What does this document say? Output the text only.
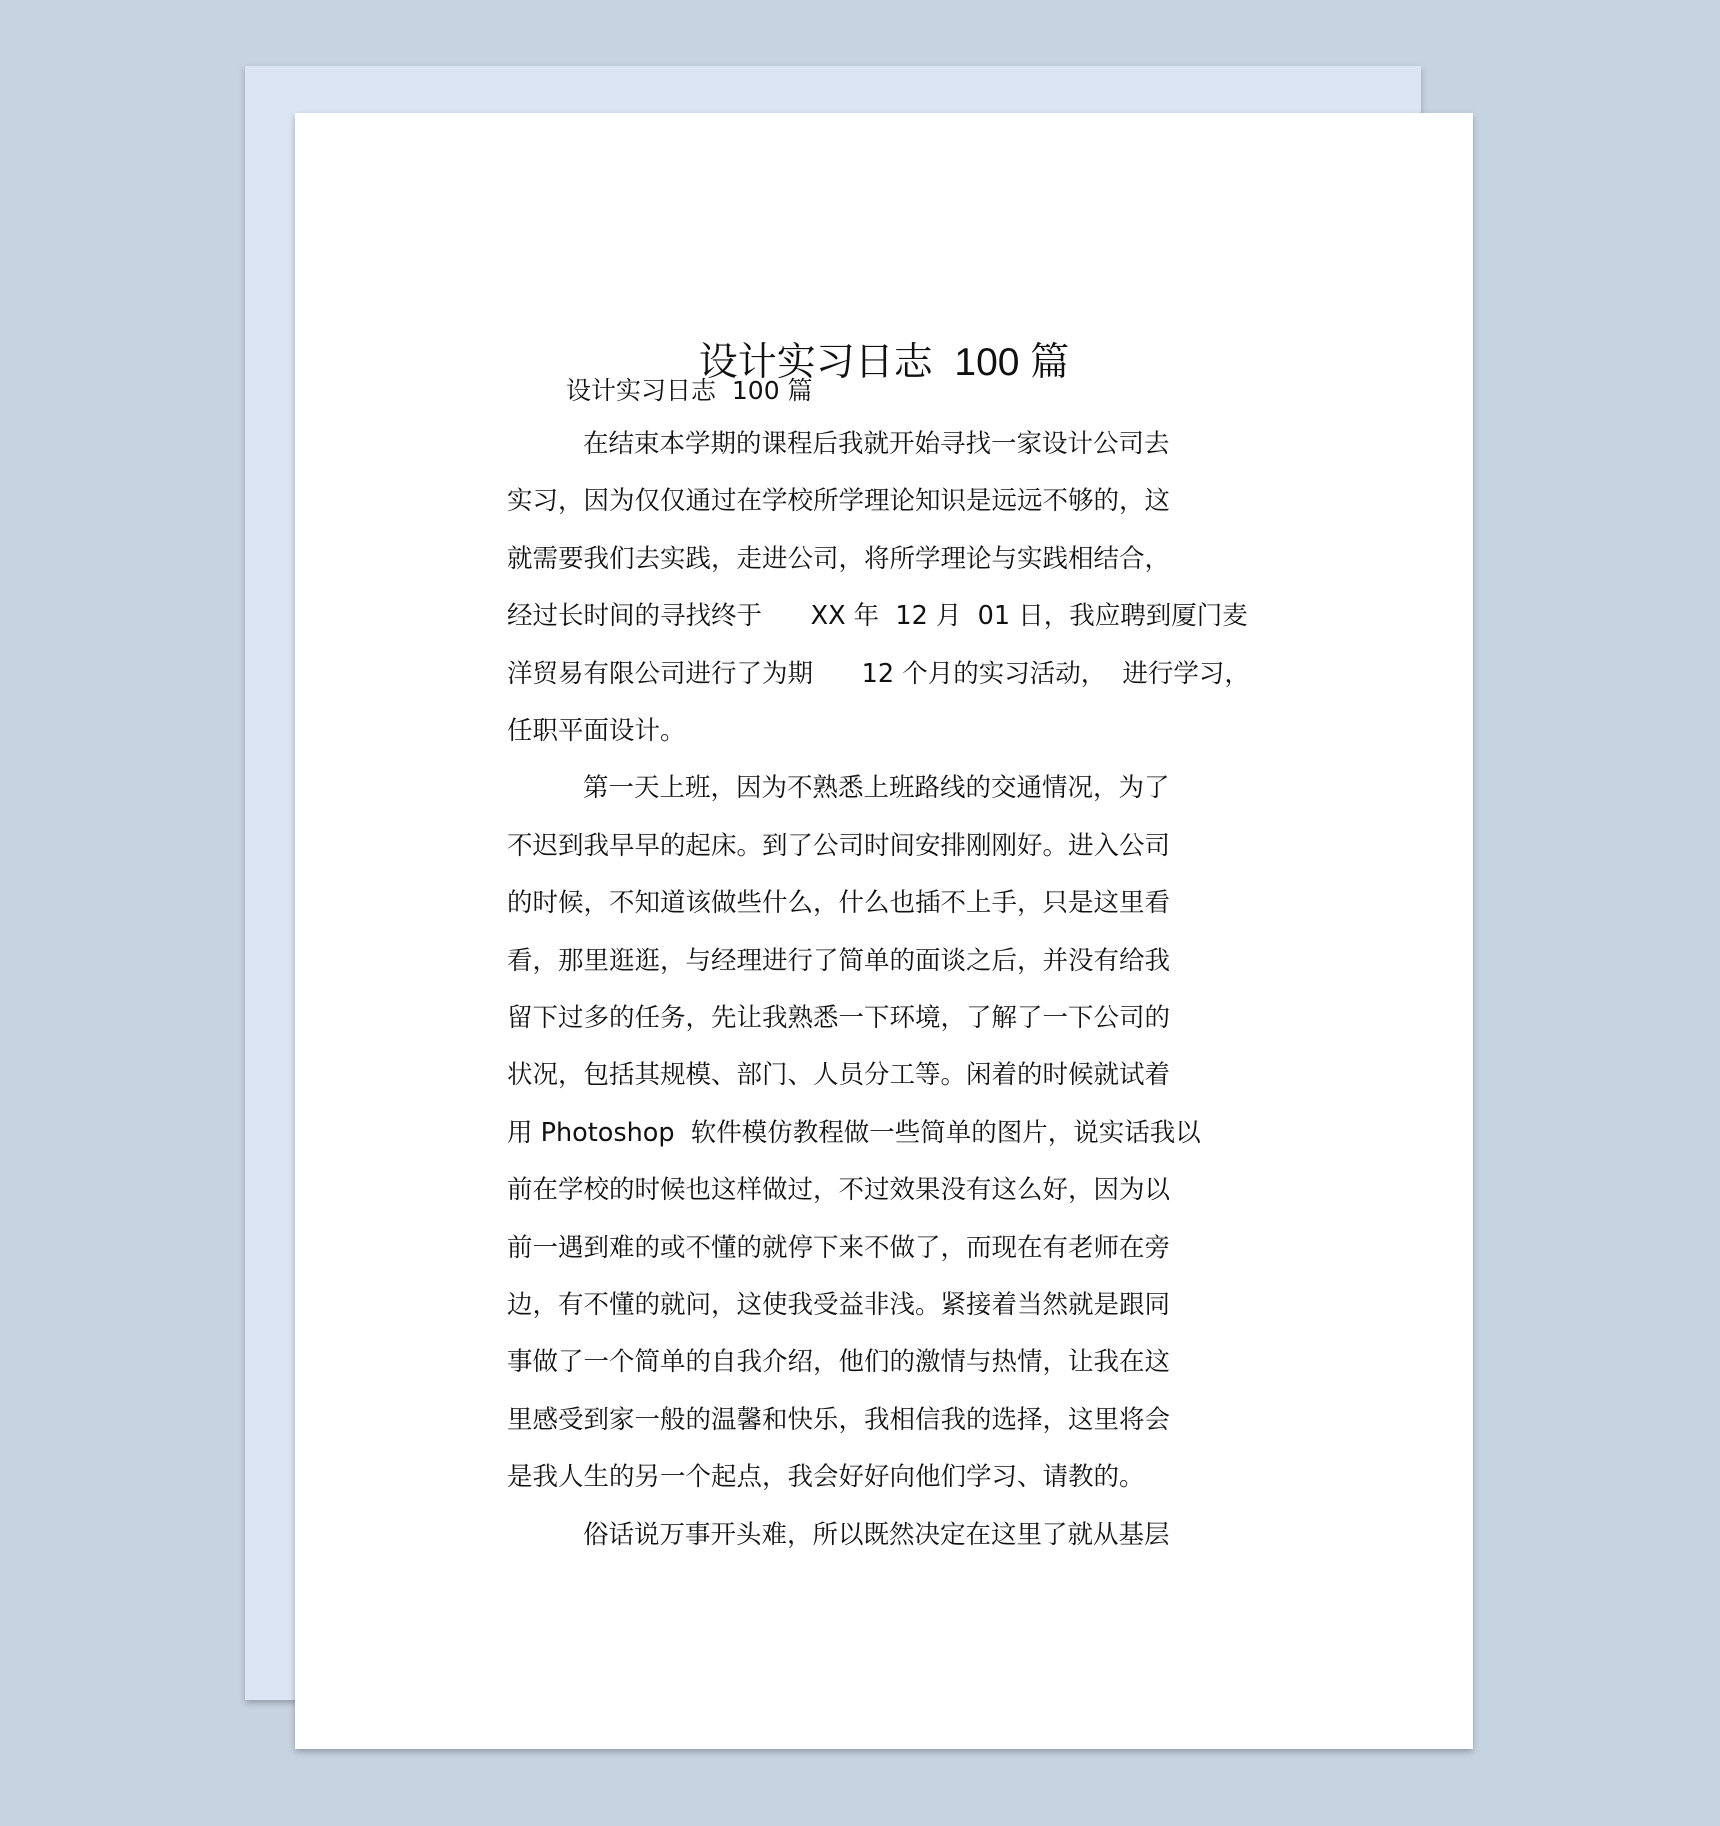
设计实习日志  100 篇
设计实习日志  100 篇
在结束本学期的课程后我就开始寻找一家设计公司去
实习，因为仅仅通过在学校所学理论知识是远远不够的，这
就需要我们去实践，走进公司，将所学理论与实践相结合，
经过长时间的寻找终于      XX 年  12 月  01 日，我应聘到厦门麦
洋贸易有限公司进行了为期      12 个月的实习活动，  进行学习，
任职平面设计。
第一天上班，因为不熟悉上班路线的交通情况，为了
不迟到我早早的起床。到了公司时间安排刚刚好。进入公司
的时候，不知道该做些什么，什么也插不上手，只是这里看
看，那里逛逛，与经理进行了简单的面谈之后，并没有给我
留下过多的任务，先让我熟悉一下环境，了解了一下公司的
状况，包括其规模、部门、人员分工等。闲着的时候就试着
用 Photoshop  软件模仿教程做一些简单的图片，说实话我以
前在学校的时候也这样做过，不过效果没有这么好，因为以
前一遇到难的或不懂的就停下来不做了，而现在有老师在旁
边，有不懂的就问，这使我受益非浅。紧接着当然就是跟同
事做了一个简单的自我介绍，他们的激情与热情，让我在这
里感受到家一般的温馨和快乐，我相信我的选择，这里将会
是我人生的另一个起点，我会好好向他们学习、请教的。
俗话说万事开头难，所以既然决定在这里了就从基层
